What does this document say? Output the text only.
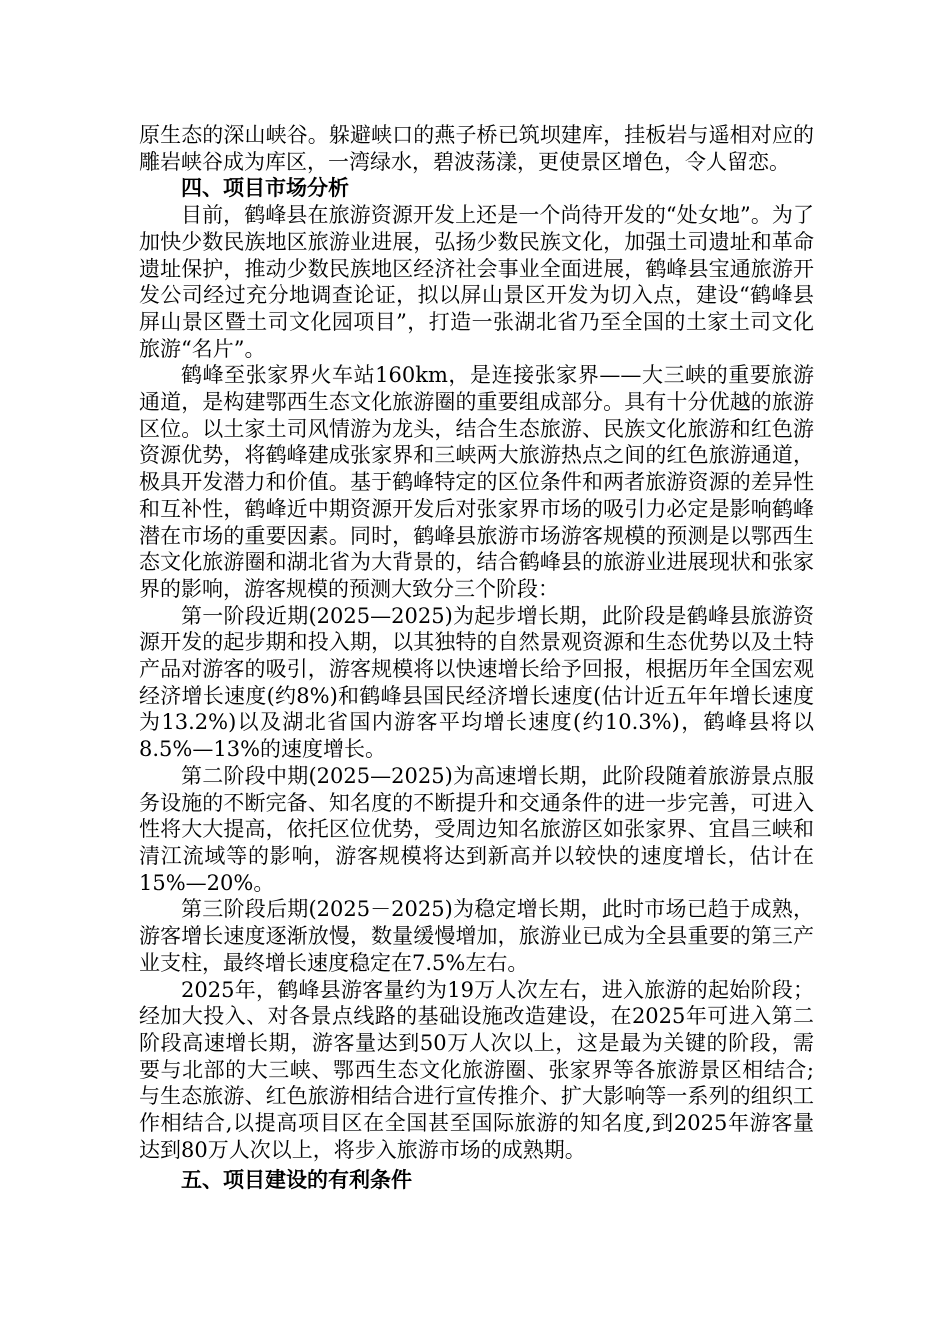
原生态的深山峡谷。躲避峡口的燕子桥已筑坝建库，挂板岩与遥相对应的雕岩峡谷成为库区，一湾绿水，碧波荡漾，更使景区增色，令人留恋。

四、项目市场分析

目前，鹤峰县在旅游资源开发上还是一个尚待开发的“处女地”。为了加快少数民族地区旅游业进展，弘扬少数民族文化，加强土司遗址和革命遗址保护，推动少数民族地区经济社会事业全面进展，鹤峰县宝通旅游开发公司经过充分地调查论证，拟以屏山景区开发为切入点，建设“鹤峰县屏山景区暨土司文化园项目”，打造一张湖北省乃至全国的土家土司文化旅游“名片”。

鹤峰至张家界火车站160km，是连接张家界——大三峡的重要旅游通道，是构建鄂西生态文化旅游圈的重要组成部分。具有十分优越的旅游区位。以土家土司风情游为龙头，结合生态旅游、民族文化旅游和红色游资源优势，将鹤峰建成张家界和三峡两大旅游热点之间的红色旅游通道，极具开发潜力和价值。基于鹤峰特定的区位条件和两者旅游资源的差异性和互补性，鹤峰近中期资源开发后对张家界市场的吸引力必定是影响鹤峰潜在市场的重要因素。同时，鹤峰县旅游市场游客规模的预测是以鄂西生态文化旅游圈和湖北省为大背景的，结合鹤峰县的旅游业进展现状和张家界的影响，游客规模的预测大致分三个阶段：

第一阶段近期(2025—2025)为起步增长期，此阶段是鹤峰县旅游资源开发的起步期和投入期，以其独特的自然景观资源和生态优势以及土特产品对游客的吸引，游客规模将以快速增长给予回报，根据历年全国宏观经济增长速度(约8%)和鹤峰县国民经济增长速度(估计近五年年增长速度为13.2%)以及湖北省国内游客平均增长速度(约10.3%)，鹤峰县将以8.5%—13%的速度增长。

第二阶段中期(2025—2025)为高速增长期，此阶段随着旅游景点服务设施的不断完备、知名度的不断提升和交通条件的进一步完善，可进入性将大大提高，依托区位优势，受周边知名旅游区如张家界、宜昌三峡和清江流域等的影响，游客规模将达到新高并以较快的速度增长，估计在15%—20%。

第三阶段后期(2025－2025)为稳定增长期，此时市场已趋于成熟，游客增长速度逐渐放慢，数量缓慢增加，旅游业已成为全县重要的第三产业支柱，最终增长速度稳定在7.5%左右。

2025年，鹤峰县游客量约为19万人次左右，进入旅游的起始阶段；经加大投入、对各景点线路的基础设施改造建设，在2025年可进入第二阶段高速增长期，游客量达到50万人次以上，这是最为关键的阶段，需要与北部的大三峡、鄂西生态文化旅游圈、张家界等各旅游景区相结合;与生态旅游、红色旅游相结合进行宣传推介、扩大影响等一系列的组织工作相结合,以提高项目区在全国甚至国际旅游的知名度,到2025年游客量达到80万人次以上，将步入旅游市场的成熟期。

五、项目建设的有利条件
